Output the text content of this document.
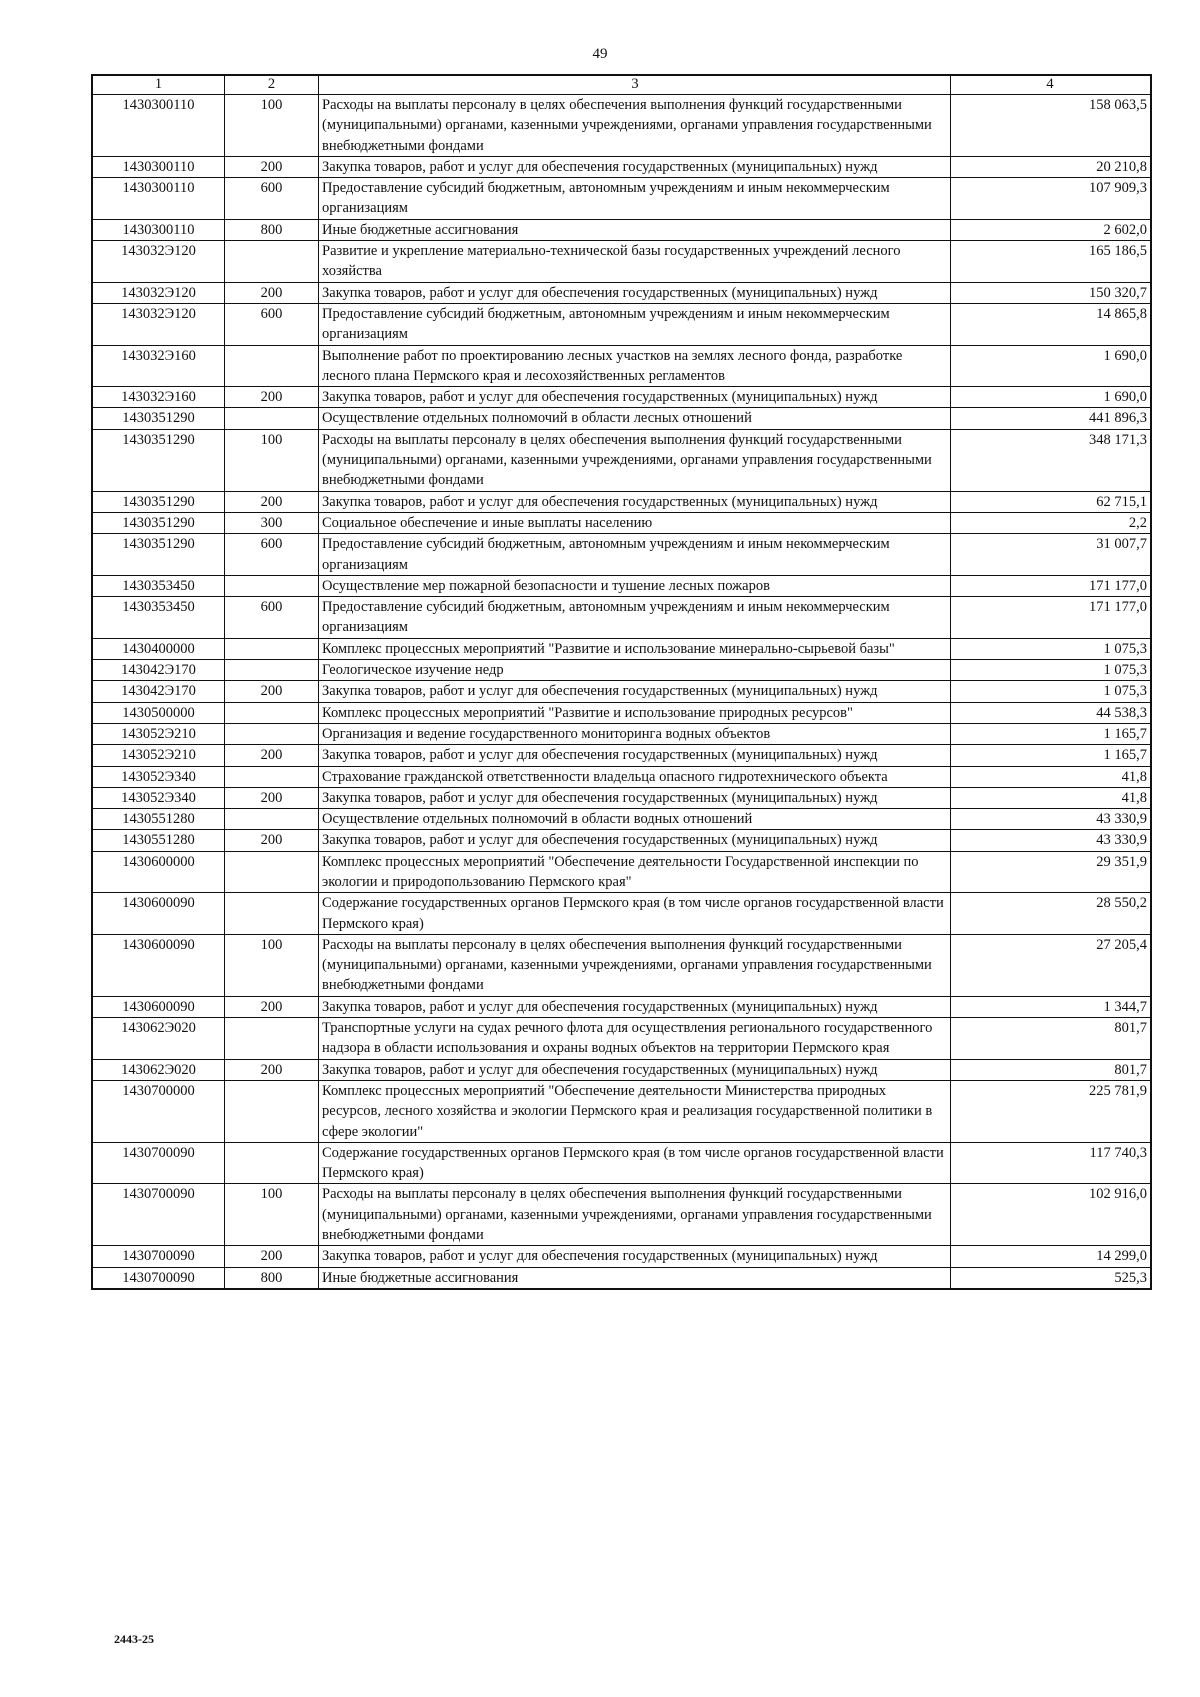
49
1	2	3	4
1430300110	100	Расходы на выплаты персоналу в целях обеспечения выполнения функций государственными (муниципальными) органами, казенными учреждениями, органами управления государственными внебюджетными фондами	158 063,5
1430300110	200	Закупка товаров, работ и услуг для обеспечения государственных (муниципальных) нужд	20 210,8
1430300110	600	Предоставление субсидий бюджетным, автономным учреждениям и иным некоммерческим организациям	107 909,3
1430300110	800	Иные бюджетные ассигнования	2 602,0
143032Э120		Развитие и укрепление материально-технической базы государственных учреждений лесного хозяйства	165 186,5
143032Э120	200	Закупка товаров, работ и услуг для обеспечения государственных (муниципальных) нужд	150 320,7
143032Э120	600	Предоставление субсидий бюджетным, автономным учреждениям и иным некоммерческим организациям	14 865,8
143032Э160		Выполнение работ по проектированию лесных участков на землях лесного фонда, разработке лесного плана Пермского края и лесохозяйственных регламентов	1 690,0
143032Э160	200	Закупка товаров, работ и услуг для обеспечения государственных (муниципальных) нужд	1 690,0
1430351290		Осуществление отдельных полномочий в области лесных отношений	441 896,3
1430351290	100	Расходы на выплаты персоналу в целях обеспечения выполнения функций государственными (муниципальными) органами, казенными учреждениями, органами управления государственными внебюджетными фондами	348 171,3
1430351290	200	Закупка товаров, работ и услуг для обеспечения государственных (муниципальных) нужд	62 715,1
1430351290	300	Социальное обеспечение и иные выплаты населению	2,2
1430351290	600	Предоставление субсидий бюджетным, автономным учреждениям и иным некоммерческим организациям	31 007,7
1430353450		Осуществление мер пожарной безопасности и тушение лесных пожаров	171 177,0
1430353450	600	Предоставление субсидий бюджетным, автономным учреждениям и иным некоммерческим организациям	171 177,0
1430400000		Комплекс процессных мероприятий "Развитие и использование минерально-сырьевой базы"	1 075,3
143042Э170		Геологическое изучение недр	1 075,3
143042Э170	200	Закупка товаров, работ и услуг для обеспечения государственных (муниципальных) нужд	1 075,3
1430500000		Комплекс процессных мероприятий "Развитие и использование природных ресурсов"	44 538,3
143052Э210		Организация и ведение государственного мониторинга водных объектов	1 165,7
143052Э210	200	Закупка товаров, работ и услуг для обеспечения государственных (муниципальных) нужд	1 165,7
143052Э340		Страхование гражданской ответственности владельца опасного гидротехнического объекта	41,8
143052Э340	200	Закупка товаров, работ и услуг для обеспечения государственных (муниципальных) нужд	41,8
1430551280		Осуществление отдельных полномочий в области водных отношений	43 330,9
1430551280	200	Закупка товаров, работ и услуг для обеспечения государственных (муниципальных) нужд	43 330,9
1430600000		Комплекс процессных мероприятий "Обеспечение деятельности Государственной инспекции по экологии и природопользованию Пермского края"	29 351,9
1430600090		Содержание государственных органов Пермского края (в том числе органов государственной власти Пермского края)	28 550,2
1430600090	100	Расходы на выплаты персоналу в целях обеспечения выполнения функций государственными (муниципальными) органами, казенными учреждениями, органами управления государственными внебюджетными фондами	27 205,4
1430600090	200	Закупка товаров, работ и услуг для обеспечения государственных (муниципальных) нужд	1 344,7
143062Э020		Транспортные услуги на судах речного флота для осуществления регионального государственного надзора в области использования и охраны водных объектов на территории Пермского края	801,7
143062Э020	200	Закупка товаров, работ и услуг для обеспечения государственных (муниципальных) нужд	801,7
1430700000		Комплекс процессных мероприятий "Обеспечение деятельности Министерства природных ресурсов, лесного хозяйства и экологии Пермского края и реализация государственной политики в сфере экологии"	225 781,9
1430700090		Содержание государственных органов Пермского края (в том числе органов государственной власти Пермского края)	117 740,3
1430700090	100	Расходы на выплаты персоналу в целях обеспечения выполнения функций государственными (муниципальными) органами, казенными учреждениями, органами управления государственными внебюджетными фондами	102 916,0
1430700090	200	Закупка товаров, работ и услуг для обеспечения государственных (муниципальных) нужд	14 299,0
1430700090	800	Иные бюджетные ассигнования	525,3
2443-25
